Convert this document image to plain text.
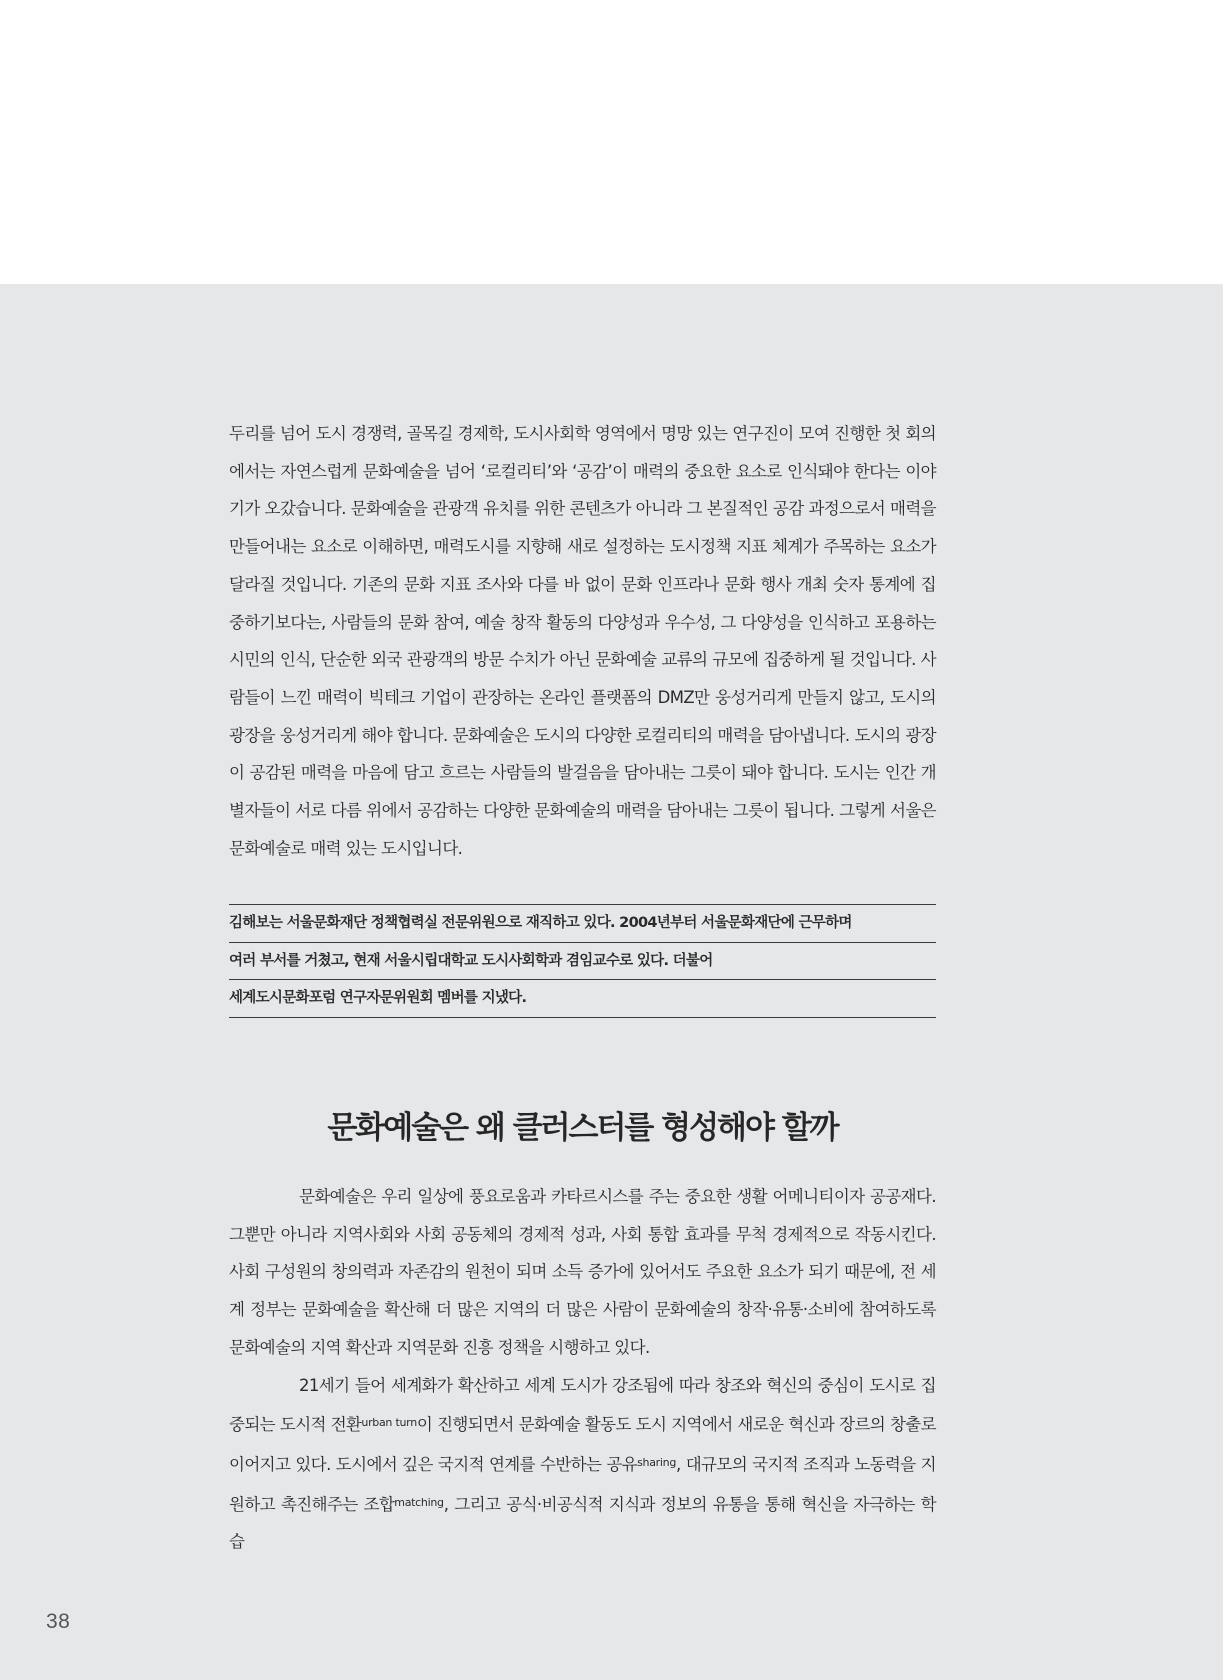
두리를 넘어 도시 경쟁력, 골목길 경제학, 도시사회학 영역에서 명망 있는 연구진이 모여 진행한 첫 회의에서는 자연스럽게 문화예술을 넘어 ‘로컬리티’와 ‘공감’이 매력의 중요한 요소로 인식돼야 한다는 이야기가 오갔습니다. 문화예술을 관광객 유치를 위한 콘텐츠가 아니라 그 본질적인 공감 과정으로서 매력을 만들어내는 요소로 이해하면, 매력도시를 지향해 새로 설정하는 도시정책 지표 체계가 주목하는 요소가 달라질 것입니다. 기존의 문화 지표 조사와 다를 바 없이 문화 인프라나 문화 행사 개최 숫자 통계에 집중하기보다는, 사람들의 문화 참여, 예술 창작 활동의 다양성과 우수성, 그 다양성을 인식하고 포용하는 시민의 인식, 단순한 외국 관광객의 방문 수치가 아닌 문화예술 교류의 규모에 집중하게 될 것입니다. 사람들이 느낀 매력이 빅테크 기업이 관장하는 온라인 플랫폼의 DMZ만 웅성거리게 만들지 않고, 도시의 광장을 웅성거리게 해야 합니다. 문화예술은 도시의 다양한 로컬리티의 매력을 담아냅니다. 도시의 광장이 공감된 매력을 마음에 담고 흐르는 사람들의 발걸음을 담아내는 그릇이 돼야 합니다. 도시는 인간 개별자들이 서로 다름 위에서 공감하는 다양한 문화예술의 매력을 담아내는 그릇이 됩니다. 그렇게 서울은 문화예술로 매력 있는 도시입니다.

김해보는 서울문화재단 정책협력실 전문위원으로 재직하고 있다. 2004년부터 서울문화재단에 근무하며
여러 부서를 거쳤고, 현재 서울시립대학교 도시사회학과 겸임교수로 있다. 더불어
세계도시문화포럼 연구자문위원회 멤버를 지냈다.
문화예술은 왜 클러스터를 형성해야 할까

문화예술은 우리 일상에 풍요로움과 카타르시스를 주는 중요한 생활 어메니티이자 공공재다. 그뿐만 아니라 지역사회와 사회 공동체의 경제적 성과, 사회 통합 효과를 무척 경제적으로 작동시킨다. 사회 구성원의 창의력과 자존감의 원천이 되며 소득 증가에 있어서도 주요한 요소가 되기 때문에, 전 세계 정부는 문화예술을 확산해 더 많은 지역의 더 많은 사람이 문화예술의 창작·유통·소비에 참여하도록 문화예술의 지역 확산과 지역문화 진흥 정책을 시행하고 있다.

21세기 들어 세계화가 확산하고 세계 도시가 강조됨에 따라 창조와 혁신의 중심이 도시로 집중되는 도시적 전환$^{urban turn}$이 진행되면서 문화예술 활동도 도시 지역에서 새로운 혁신과 장르의 창출로 이어지고 있다. 도시에서 깊은 국지적 연계를 수반하는 공유$^{sharing}$, 대규모의 국지적 조직과 노동력을 지원하고 촉진해주는 조합$^{matching}$, 그리고 공식·비공식적 지식과 정보의 유통을 통해 혁신을 자극하는 학습

38
